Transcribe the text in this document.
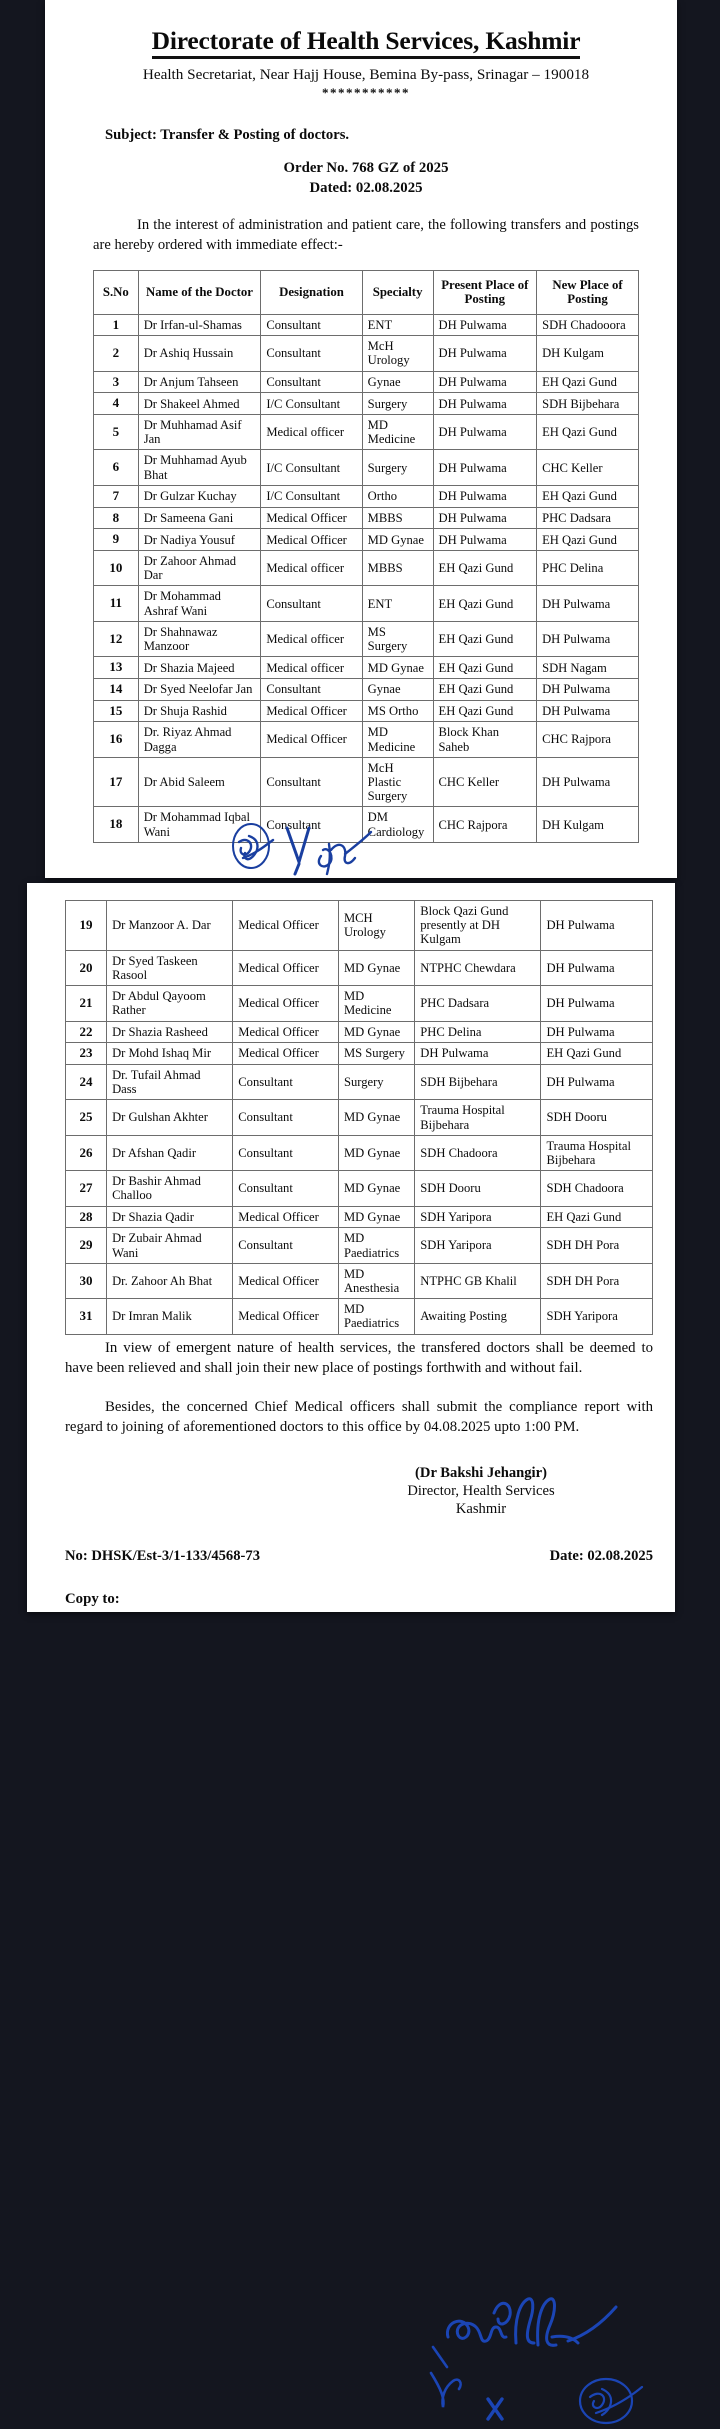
Directorate of Health Services, Kashmir
Health Secretariat, Near Hajj House, Bemina By-pass, Srinagar – 190018
***********
Subject: Transfer & Posting of doctors.
Order No. 768 GZ of 2025
Dated: 02.08.2025

In the interest of administration and patient care, the following transfers and postings are hereby ordered with immediate effect:-

S.No	Name of the Doctor	Designation	Specialty	Present Place of Posting	New Place of Posting
1	Dr Irfan-ul-Shamas	Consultant	ENT	DH Pulwama	SDH Chadooora
2	Dr Ashiq Hussain	Consultant	McH Urology	DH Pulwama	DH Kulgam
3	Dr Anjum Tahseen	Consultant	Gynae	DH Pulwama	EH Qazi Gund
4	Dr Shakeel Ahmed	I/C Consultant	Surgery	DH Pulwama	SDH Bijbehara
5	Dr Muhhamad Asif Jan	Medical officer	MD Medicine	DH Pulwama	EH Qazi Gund
6	Dr Muhhamad Ayub Bhat	I/C Consultant	Surgery	DH Pulwama	CHC Keller
7	Dr Gulzar Kuchay	I/C Consultant	Ortho	DH Pulwama	EH Qazi Gund
8	Dr Sameena Gani	Medical Officer	MBBS	DH Pulwama	PHC Dadsara
9	Dr Nadiya Yousuf	Medical Officer	MD Gynae	DH Pulwama	EH Qazi Gund
10	Dr Zahoor Ahmad Dar	Medical officer	MBBS	EH Qazi Gund	PHC Delina
11	Dr Mohammad Ashraf Wani	Consultant	ENT	EH Qazi Gund	DH Pulwama
12	Dr Shahnawaz Manzoor	Medical officer	MS Surgery	EH Qazi Gund	DH Pulwama
13	Dr Shazia Majeed	Medical officer	MD Gynae	EH Qazi Gund	SDH Nagam
14	Dr Syed Neelofar Jan	Consultant	Gynae	EH Qazi Gund	DH Pulwama
15	Dr Shuja Rashid	Medical Officer	MS Ortho	EH Qazi Gund	DH Pulwama
16	Dr. Riyaz Ahmad Dagga	Medical Officer	MD Medicine	Block Khan Saheb	CHC Rajpora
17	Dr Abid Saleem	Consultant	McH Plastic Surgery	CHC Keller	DH Pulwama
18	Dr Mohammad Iqbal Wani	Consultant	DM Cardiology	CHC Rajpora	DH Kulgam
19	Dr Manzoor A. Dar	Medical Officer	MCH Urology	Block Qazi Gund presently at DH Kulgam	DH Pulwama
20	Dr Syed Taskeen Rasool	Medical Officer	MD Gynae	NTPHC Chewdara	DH Pulwama
21	Dr Abdul Qayoom Rather	Medical Officer	MD Medicine	PHC Dadsara	DH Pulwama
22	Dr Shazia Rasheed	Medical Officer	MD Gynae	PHC Delina	DH Pulwama
23	Dr Mohd Ishaq Mir	Medical Officer	MS Surgery	DH Pulwama	EH Qazi Gund
24	Dr. Tufail Ahmad Dass	Consultant	Surgery	SDH Bijbehara	DH Pulwama
25	Dr Gulshan Akhter	Consultant	MD Gynae	Trauma Hospital Bijbehara	SDH Dooru
26	Dr Afshan Qadir	Consultant	MD Gynae	SDH Chadoora	Trauma Hospital Bijbehara
27	Dr Bashir Ahmad Challoo	Consultant	MD Gynae	SDH Dooru	SDH Chadoora
28	Dr Shazia Qadir	Medical Officer	MD Gynae	SDH Yaripora	EH Qazi Gund
29	Dr Zubair Ahmad Wani	Consultant	MD Paediatrics	SDH Yaripora	SDH DH Pora
30	Dr. Zahoor Ah Bhat	Medical Officer	MD Anesthesia	NTPHC GB Khalil	SDH DH Pora
31	Dr Imran Malik	Medical Officer	MD Paediatrics	Awaiting Posting	SDH Yaripora

In view of emergent nature of health services, the transfered doctors shall be deemed to have been relieved and shall join their new place of postings forthwith and without fail.

Besides, the concerned Chief Medical officers shall submit the compliance report with regard to joining of aforementioned doctors to this office by 04.08.2025 upto 1:00 PM.

(Dr Bakshi Jehangir)
Director, Health Services
Kashmir
No: DHSK/Est-3/1-133/4568-73	Date: 02.08.2025
Copy to:
